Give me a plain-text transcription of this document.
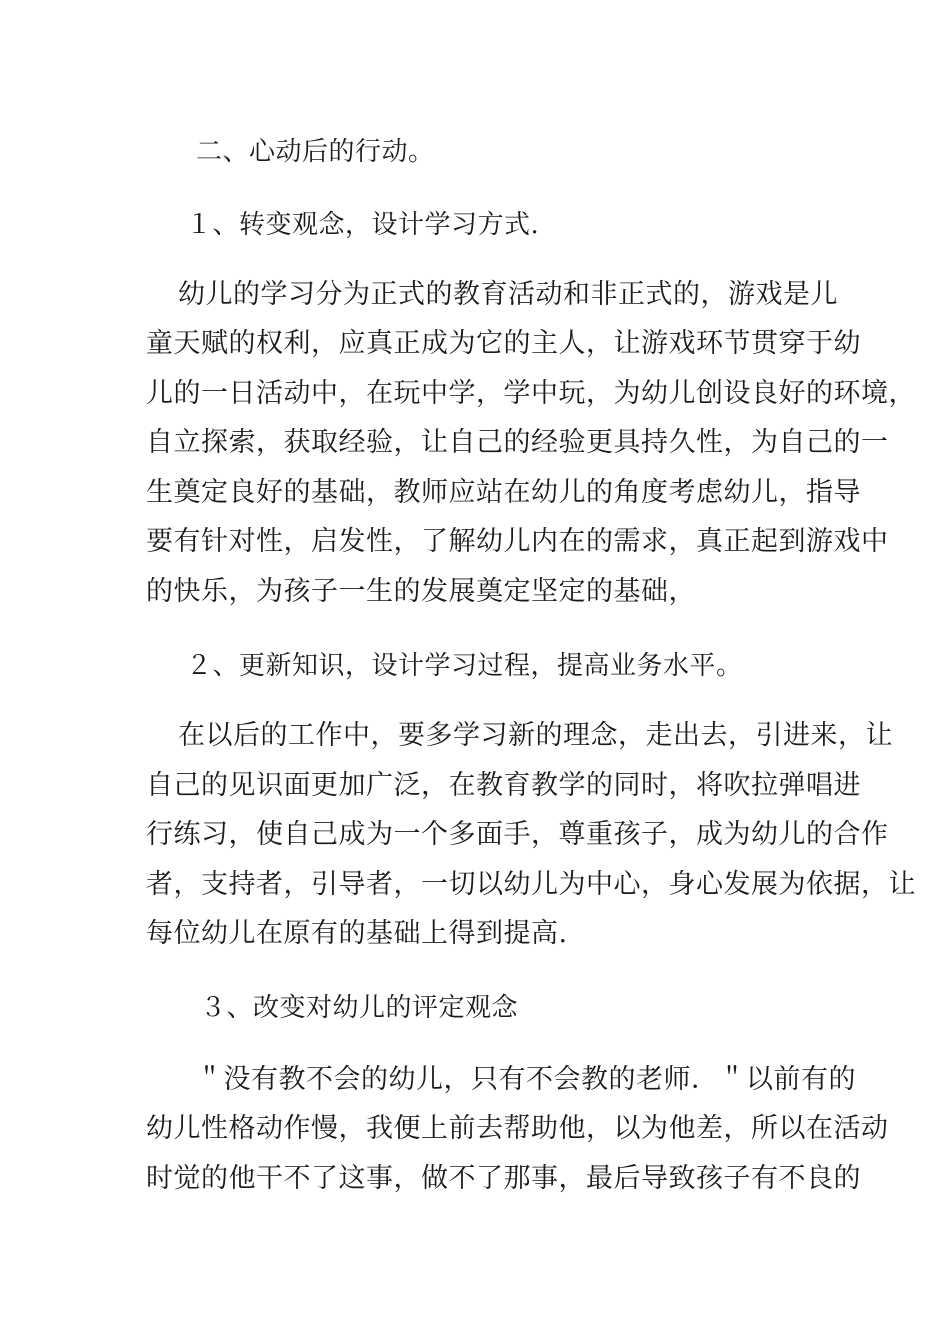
二、心动后的行动。
１、转变观念，设计学习方式.
幼儿的学习分为正式的教育活动和非正式的，游戏是儿
童天赋的权利，应真正成为它的主人，让游戏环节贯穿于幼
儿的一日活动中，在玩中学，学中玩，为幼儿创设良好的环境，
自立探索，获取经验，让自己的经验更具持久性，为自己的一
生奠定良好的基础，教师应站在幼儿的角度考虑幼儿，指导
要有针对性，启发性，了解幼儿内在的需求，真正起到游戏中
的快乐，为孩子一生的发展奠定坚定的基础，
２、更新知识，设计学习过程，提高业务水平。
在以后的工作中，要多学习新的理念，走出去，引进来，让
自己的见识面更加广泛，在教育教学的同时，将吹拉弹唱进
行练习，使自己成为一个多面手，尊重孩子，成为幼儿的合作
者，支持者，引导者，一切以幼儿为中心，身心发展为依据，让
每位幼儿在原有的基础上得到提高.
３、改变对幼儿的评定观念
＂没有教不会的幼儿，只有不会教的老师．＂以前有的
幼儿性格动作慢，我便上前去帮助他，以为他差，所以在活动
时觉的他干不了这事，做不了那事，最后导致孩子有不良的
